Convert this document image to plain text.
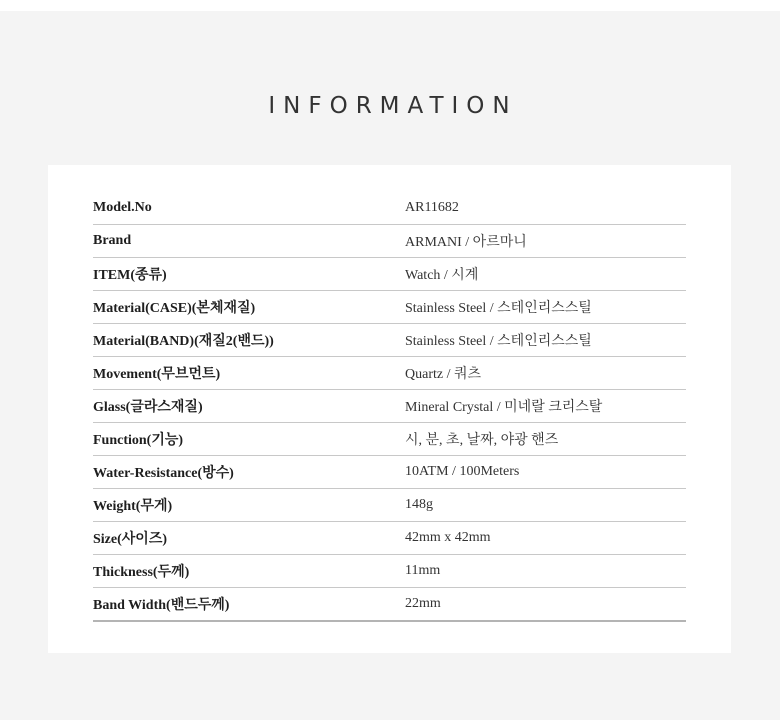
INFORMATION
Model.No	AR11682
Brand	ARMANI / 아르마니
ITEM(종류)	Watch / 시계
Material(CASE)(본체재질)	Stainless Steel / 스테인리스스틸
Material(BAND)(재질2(밴드))	Stainless Steel / 스테인리스스틸
Movement(무브먼트)	Quartz / 쿼츠
Glass(글라스재질)	Mineral Crystal / 미네랄 크리스탈
Function(기능)	시, 분, 초, 날짜, 야광 핸즈
Water-Resistance(방수)	10ATM / 100Meters
Weight(무게)	148g
Size(사이즈)	42mm x 42mm
Thickness(두께)	11mm
Band Width(밴드두께)	22mm
